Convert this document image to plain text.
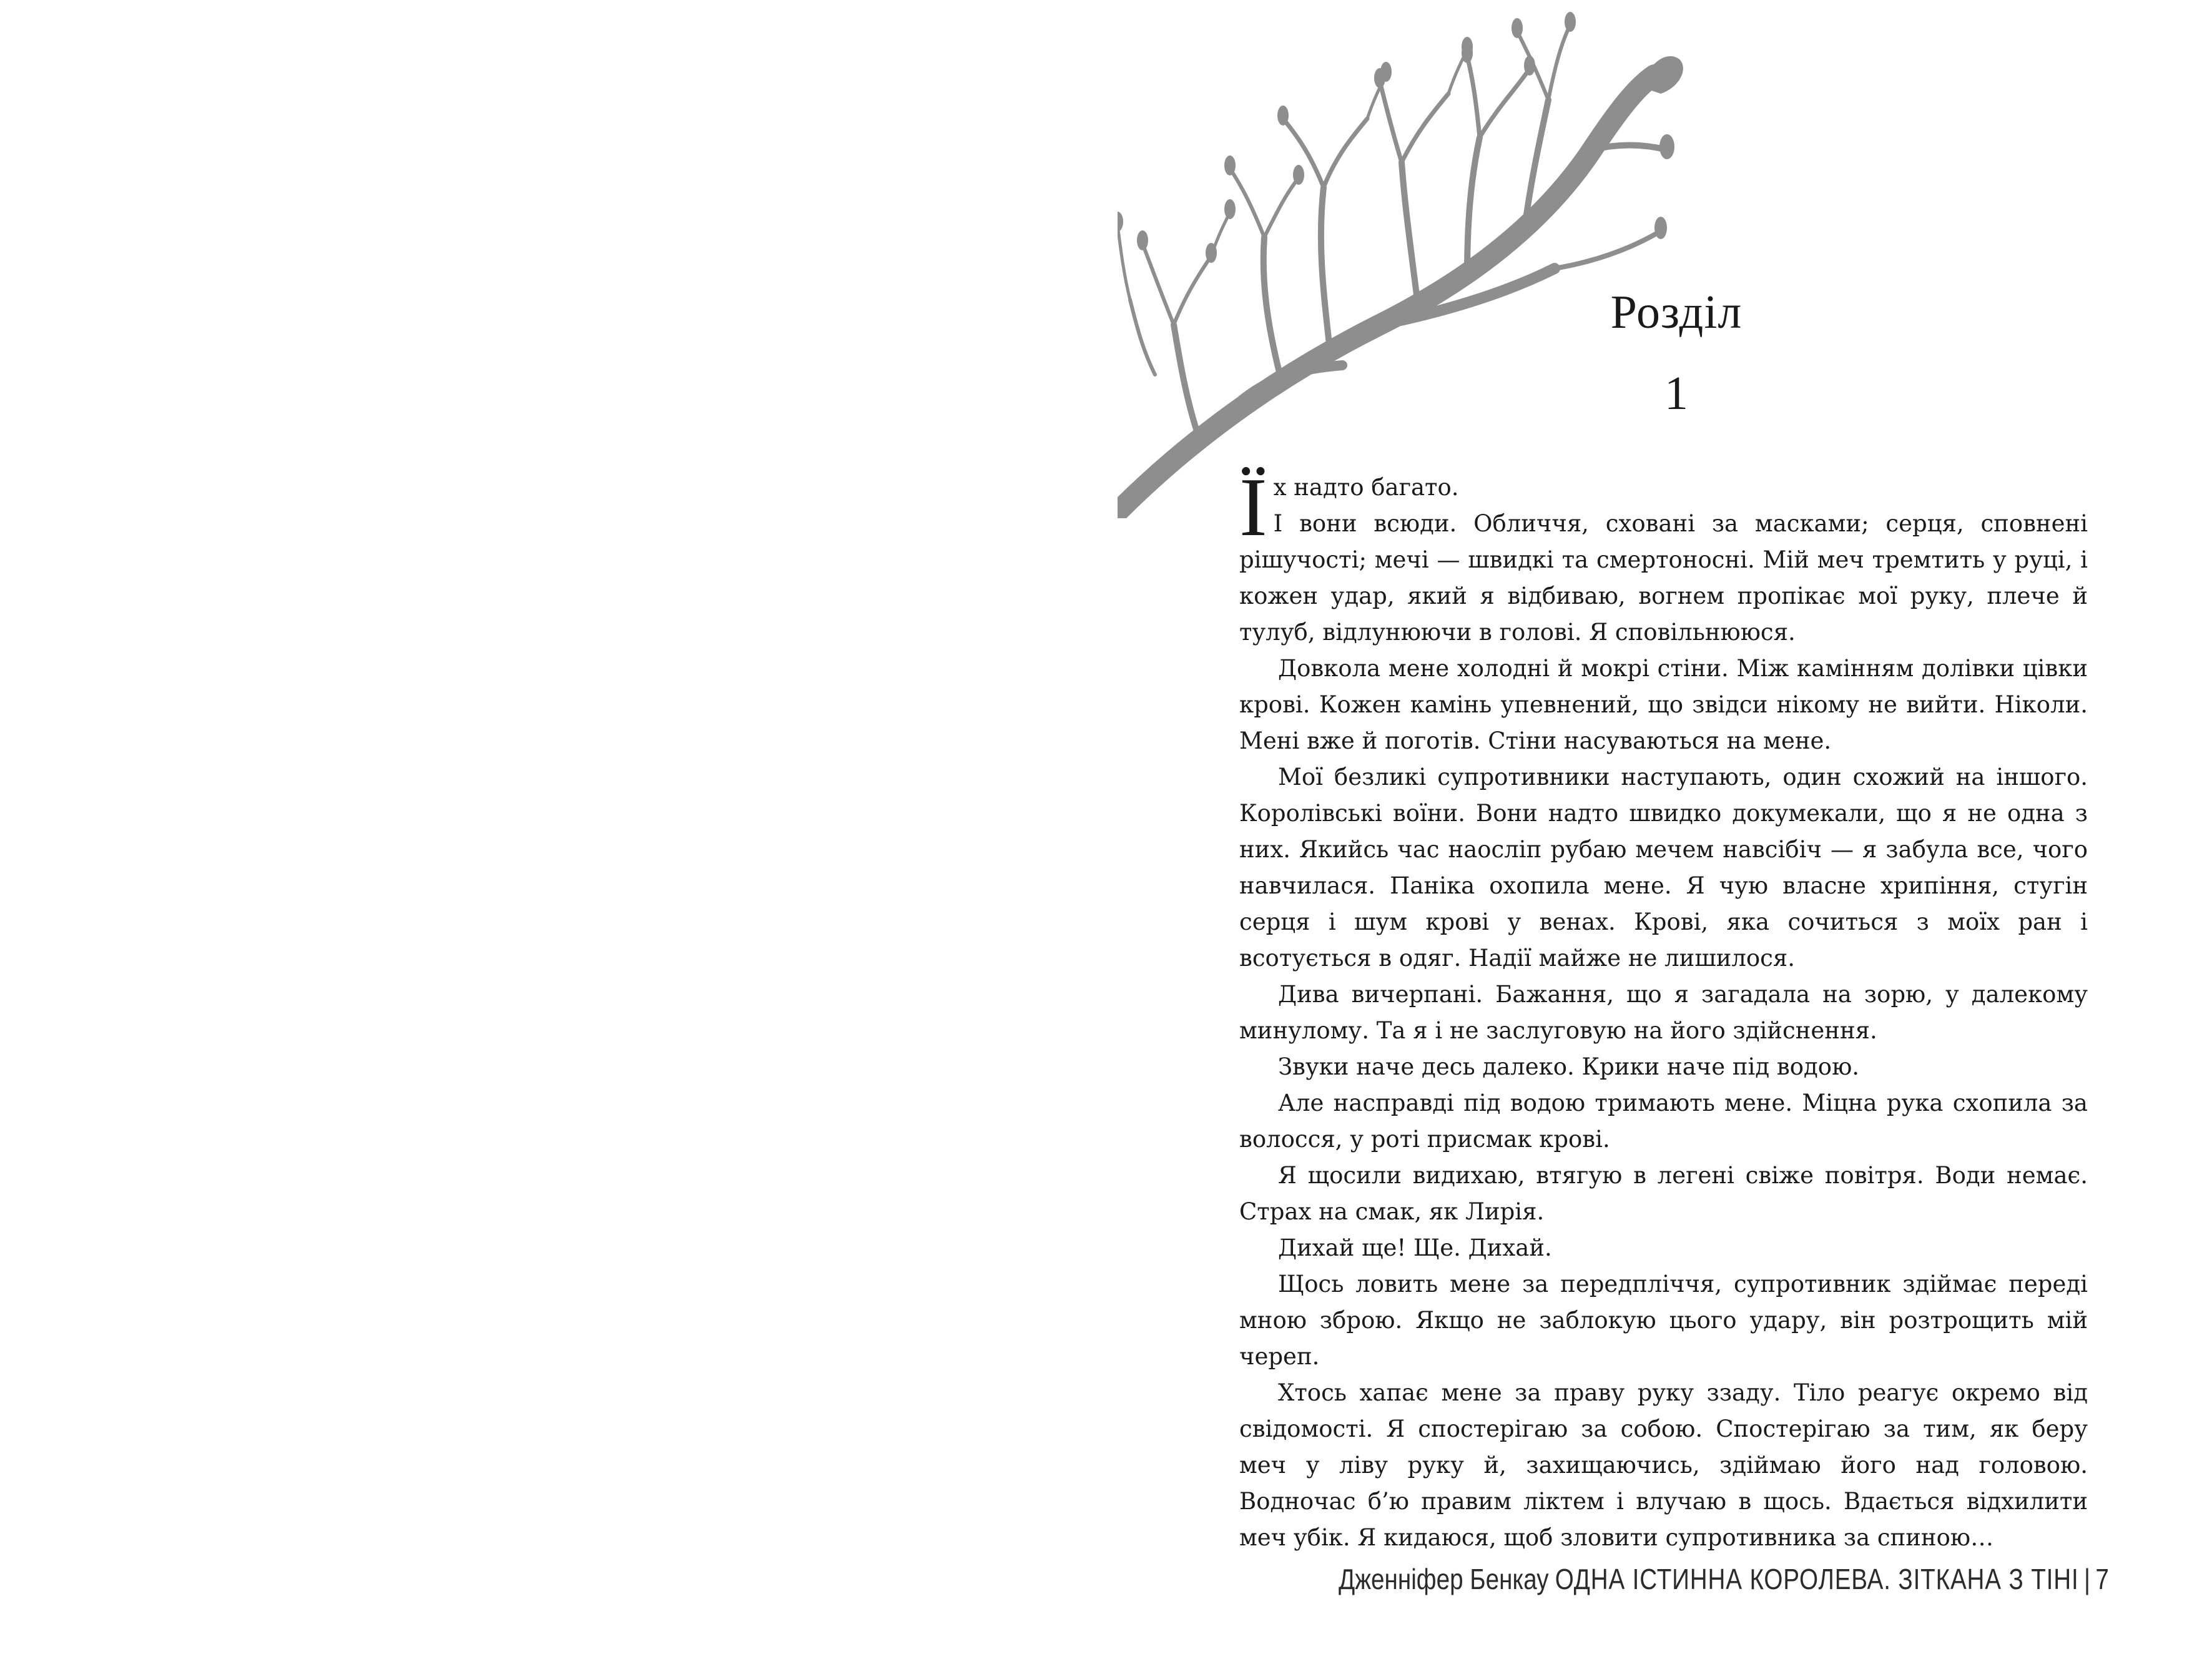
Розділ
1

Їх надто багато.

І вони всюди. Обличчя, сховані за масками; серця, сповнені рішучості; мечі — швидкі та смертоносні. Мій меч тремтить у руці, і кожен удар, який я відбиваю, вогнем пропікає мої руку, плече й тулуб, відлунюючи в голові. Я сповільнююся.

Довкола мене холодні й мокрі стіни. Між камінням долівки цівки крові. Кожен камінь упевнений, що звідси нікому не вийти. Ніколи. Мені вже й поготів. Стіни насуваються на мене.

Мої безликі супротивники наступають, один схожий на іншого. Королівські воїни. Вони надто швидко докумекали, що я не одна з них. Якийсь час наосліп рубаю мечем навсібіч — я забула все, чого навчилася. Паніка охопила мене. Я чую власне хрипіння, стугін серця і шум крові у венах. Крові, яка сочиться з моїх ран і всотується в одяг. Надії майже не лишилося.

Дива вичерпані. Бажання, що я загадала на зорю, у далекому минулому. Та я і не заслуговую на його здійснення.

Звуки наче десь далеко. Крики наче під водою.

Але насправді під водою тримають мене. Міцна рука схопила за волосся, у роті присмак крові.

Я щосили видихаю, втягую в легені свіже повітря. Води немає. Страх на смак, як Лирія.

Дихай ще! Ще. Дихай.

Щось ловить мене за передпліччя, супротивник здіймає переді мною зброю. Якщо не заблокую цього удару, він розтрощить мій череп.

Хтось хапає мене за праву руку ззаду. Тіло реагує окремо від свідомості. Я спостерігаю за собою. Спостерігаю за тим, як беру меч у ліву руку й, захищаючись, здіймаю його над головою. Водночас б’ю правим ліктем і влучаю в щось. Вдається відхилити меч убік. Я кидаюся, щоб зловити супротивника за спиною…

Дженніфер Бенкау ОДНА ІСТИННА КОРОЛЕВА. ЗІТКАНА З ТІНІ | 7
